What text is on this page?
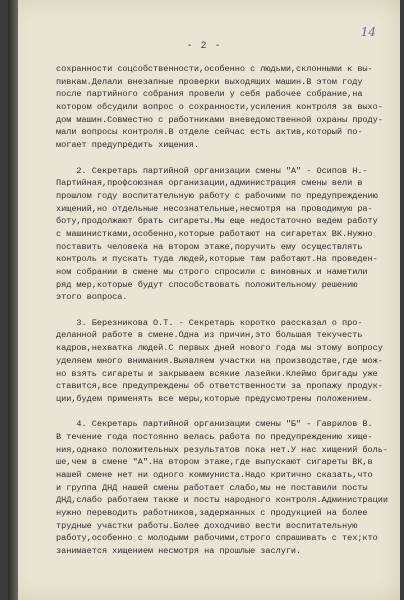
- 2 -
14
сохранности соцсобственности,особенно с людьми,склонными к вы-
пивкам.Делали внезапные проверки выходящих машин.В этом году
после партийного собрания провели у себя рабочее собрание,на
котором обсудили вопрос о сохранности,усиления контроля за выхо-
дом машин.Совместно с работниками вневедомственной охраны проду-
мали вопросы контроля.В отделе сейчас есть актив,который по-
могает предупредить хищения.
2. Секретарь партийной организации смены "А" - Осипов Н.-
Партийная,профсоюзная организации,администрация смены вели в
прошлом году воспитательную работу с рабочими по предупреждению
хищений,но отдельные несознательные,несмотря на проводимую ра-
боту,продолжают брать сигареты.Мы еще недостаточно ведем работу
с машинистками,особенно,которые работают на сигаретах ВК.Нужно
поставить человека на втором этаже,поручить ему осуществлять
контроль и пускать туда людей,которые там работают.На проведен-
ном собрании в смене мы строго спросили с виновных и наметили
ряд мер,которые будут способствовать положительному решению
этого вопроса.
3. Березникова О.Т. - Секретарь коротко рассказал о про-
деланной работе в смене.Одна из причин,это большая текучесть
кадров,нехватка людей.С первых дней нового года мы этому вопросу
уделяем много внимания.Выявляем участки на производстве,где мож-
но взять сигареты и закрываем всякие лазейки.Клеймо бригады уже
ставится,все предупреждены об ответственности за пропажу продук-
ции,будем применять все меры,которые предусмотрены положением.
4. Секретарь партийной организации смены "Б" - Гаврилов В.
В течение года постоянно велась работа по предупреждению хище-
ния,однако положительных результатов пока нет.У нас хищений боль-
ше,чем в смене "А".На втором этаже,где выпускают сигареты ВК,в
нашей смене нет ни одного коммуниста.Надо критично сказать,что
и группа ДНД нашей смены работает слабо,мы не поставили посты
ДНД,слабо работаем также и посты народного контроля.Администрации
нужно переводить работников,задержанных с продукцией на более
трудные участки работы.Более доходчиво вести воспитательную
работу,особенно с молодыми рабочими,строго спрашивать с тех;кто
занимается хищением несмотря на прошлые заслуги.
